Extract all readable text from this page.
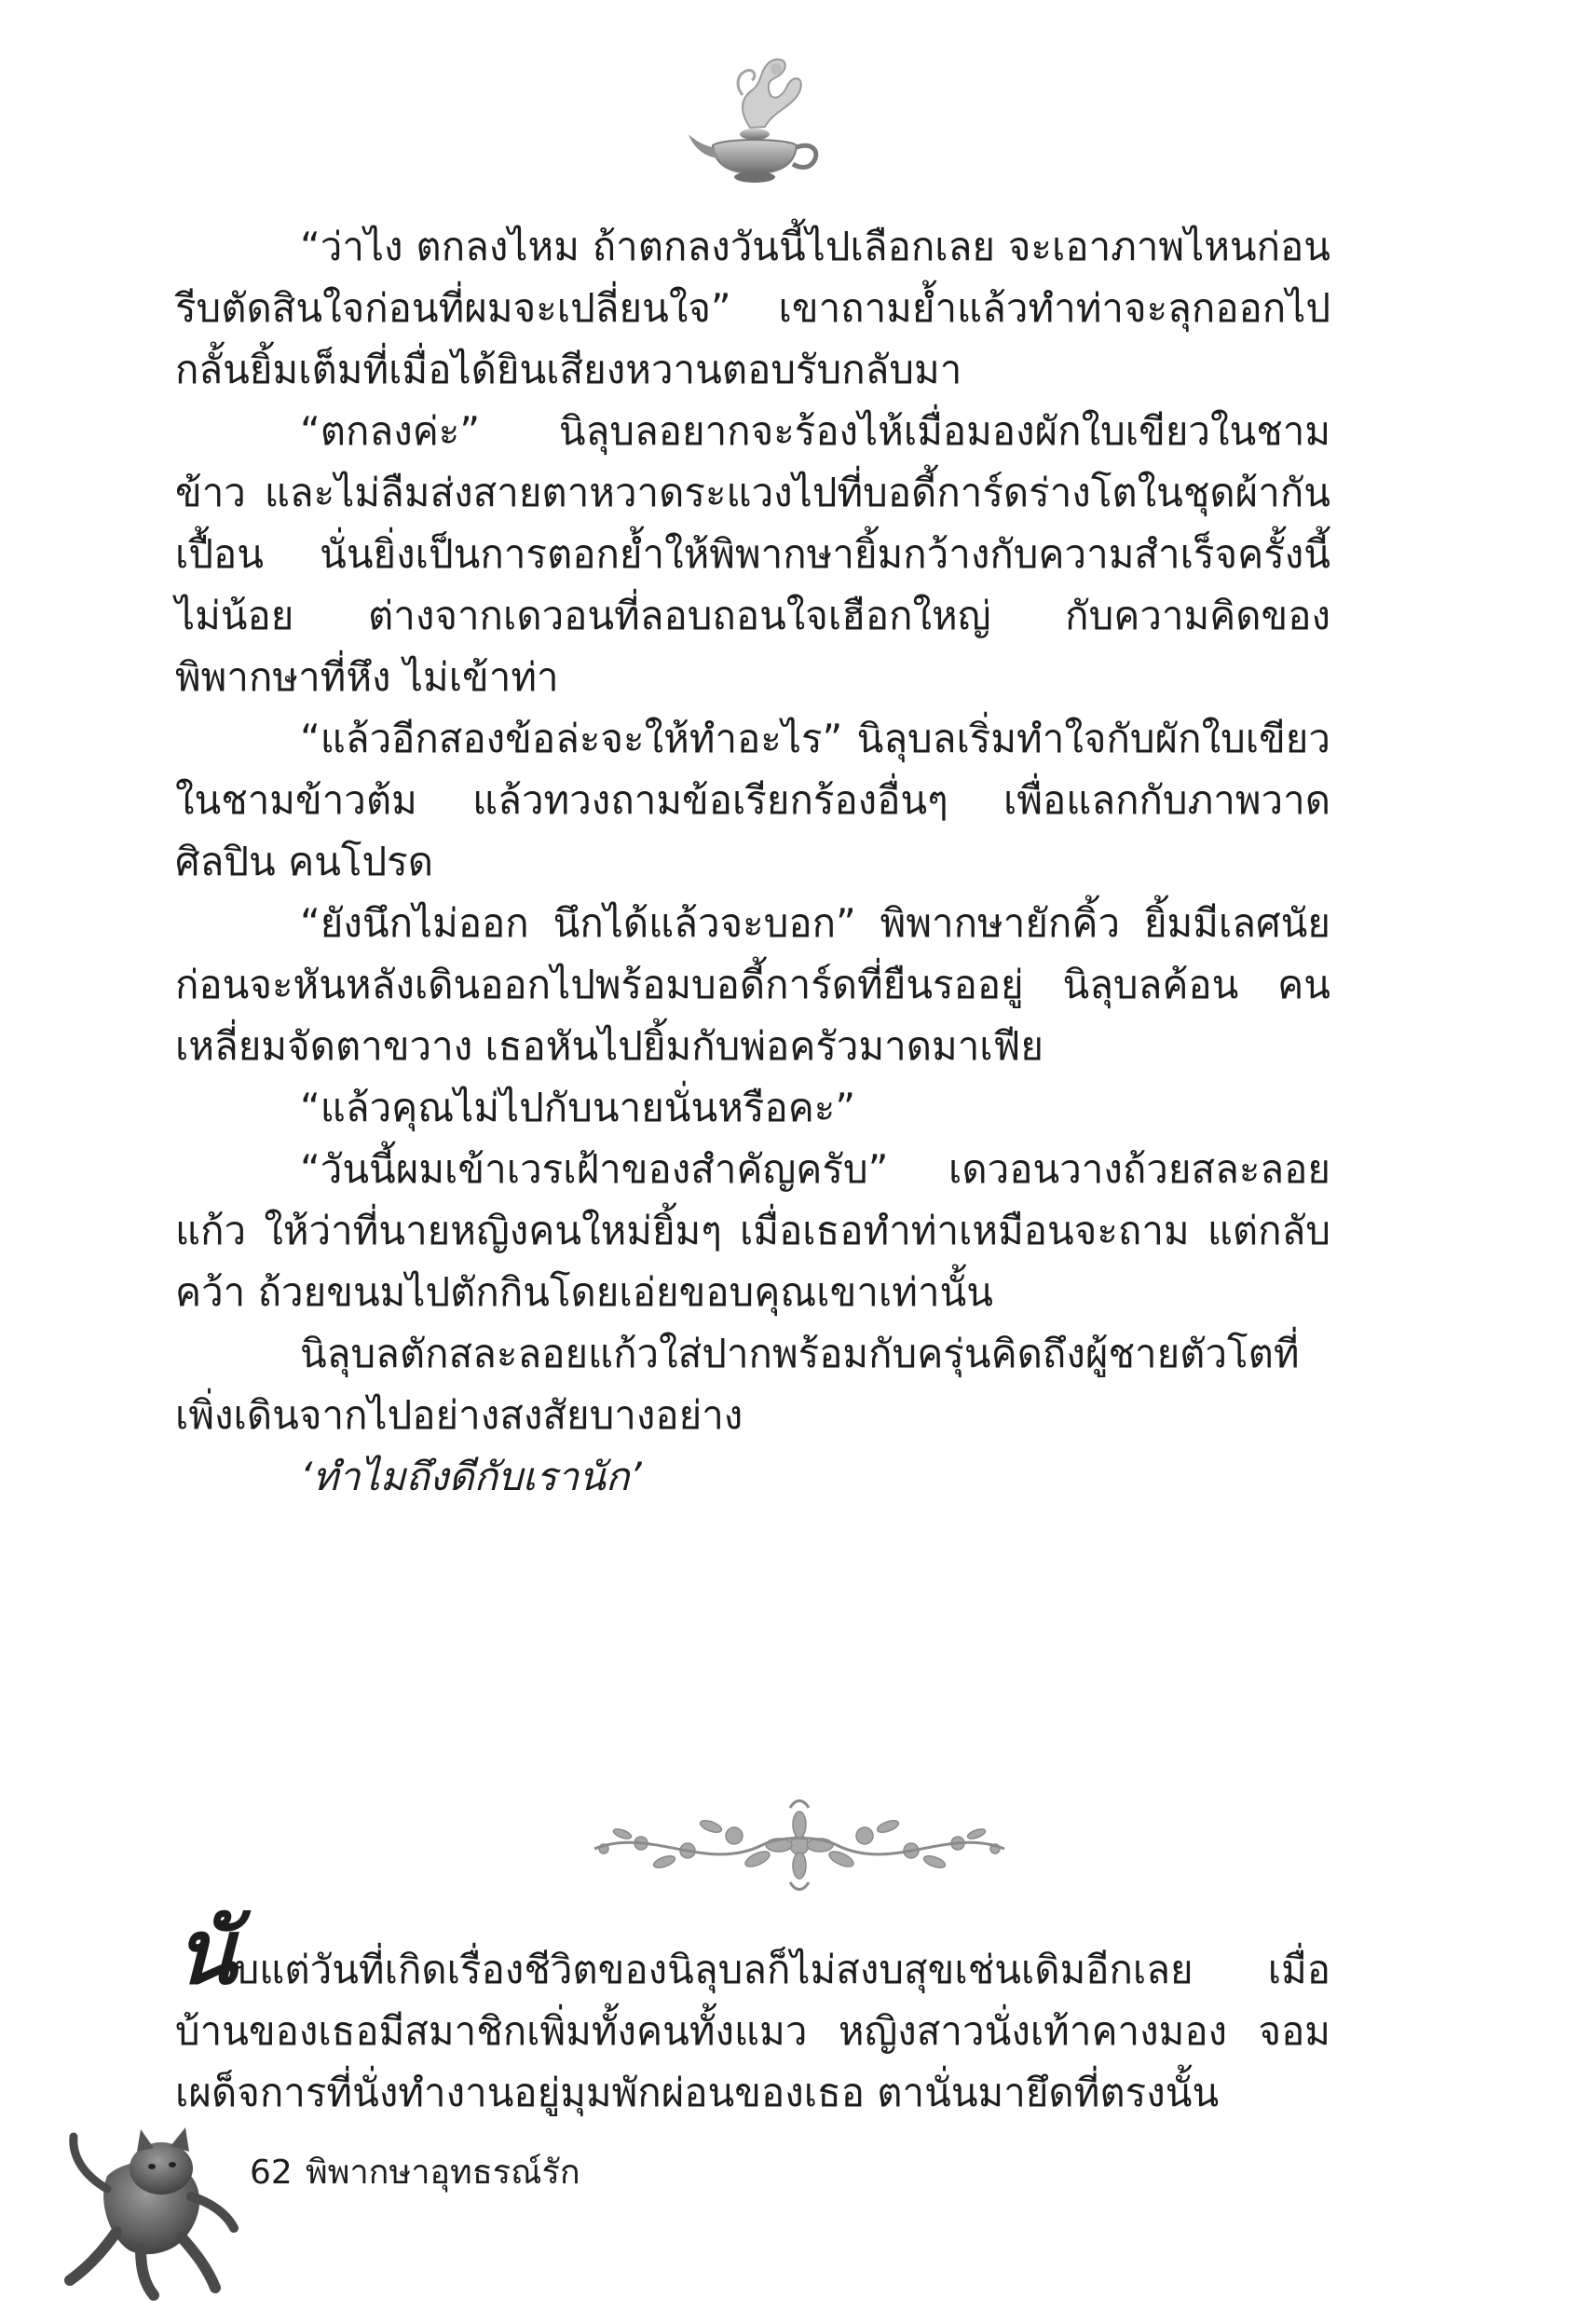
“ว่าไง ตกลงไหม ถ้าตกลงวันนี้ไปเลือกเลย จะเอาภาพไหนก่อน รีบตัดสินใจก่อนที่ผมจะเปลี่ยนใจ” เขาถามย้ำแล้วทำท่าจะลุกออกไป กลั้นยิ้มเต็มที่เมื่อได้ยินเสียงหวานตอบรับกลับมา

“ตกลงค่ะ” นิลุบลอยากจะร้องไห้เมื่อมองผักใบเขียวในชามข้าว และไม่ลืมส่งสายตาหวาดระแวงไปที่บอดี้การ์ดร่างโตในชุดผ้ากันเปื้อน นั่นยิ่งเป็นการตอกย้ำให้พิพากษายิ้มกว้างกับความสำเร็จครั้งนี้ไม่น้อย ต่างจากเดวอนที่ลอบถอนใจเฮือกใหญ่ กับความคิดของพิพากษาที่หึง ไม่เข้าท่า

“แล้วอีกสองข้อล่ะจะให้ทำอะไร” นิลุบลเริ่มทำใจกับผักใบเขียว ในชามข้าวต้ม แล้วทวงถามข้อเรียกร้องอื่นๆ เพื่อแลกกับภาพวาดศิลปิน คนโปรด

“ยังนึกไม่ออก นึกได้แล้วจะบอก” พิพากษายักคิ้ว ยิ้มมีเลศนัย ก่อนจะหันหลังเดินออกไปพร้อมบอดี้การ์ดที่ยืนรออยู่ นิลุบลค้อน คนเหลี่ยมจัดตาขวาง เธอหันไปยิ้มกับพ่อครัวมาดมาเฟีย

“แล้วคุณไม่ไปกับนายนั่นหรือคะ”

“วันนี้ผมเข้าเวรเฝ้าของสำคัญครับ” เดวอนวางถ้วยสละลอยแก้ว ให้ว่าที่นายหญิงคนใหม่ยิ้มๆ เมื่อเธอทำท่าเหมือนจะถาม แต่กลับคว้า ถ้วยขนมไปตักกินโดยเอ่ยขอบคุณเขาเท่านั้น

นิลุบลตักสละลอยแก้วใส่ปากพร้อมกับครุ่นคิดถึงผู้ชายตัวโตที่ เพิ่งเดินจากไปอย่างสงสัยบางอย่าง

‘ทำไมถึงดีกับเรานัก’

นับแต่วันที่เกิดเรื่องชีวิตของนิลุบลก็ไม่สงบสุขเช่นเดิมอีกเลย เมื่อบ้านของเธอมีสมาชิกเพิ่มทั้งคนทั้งแมว หญิงสาวนั่งเท้าคางมอง จอมเผด็จการที่นั่งทำงานอยู่มุมพักผ่อนของเธอ ตานั่นมายึดที่ตรงนั้น

62 พิพากษาอุทธรณ์รัก
